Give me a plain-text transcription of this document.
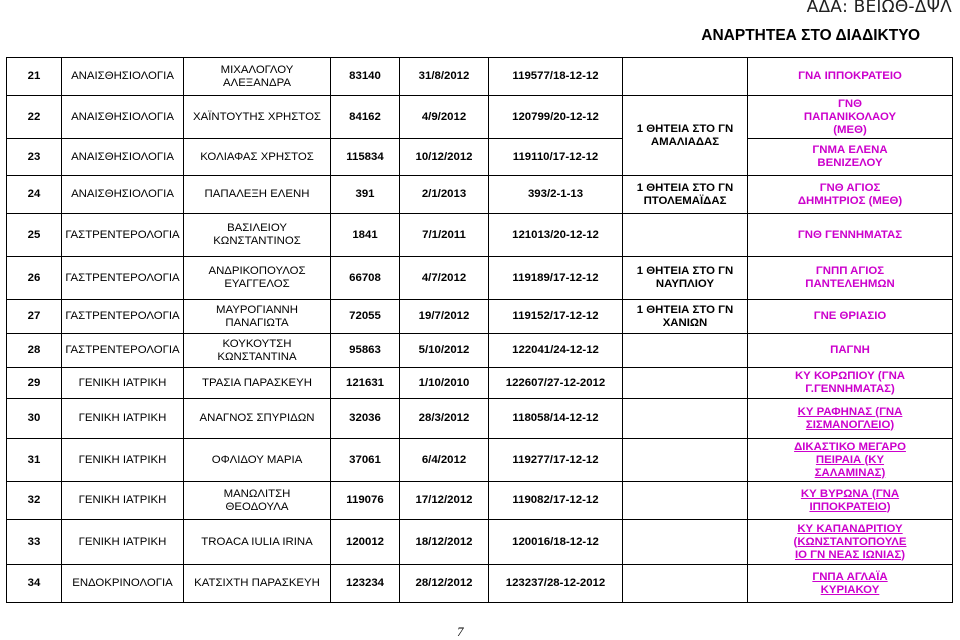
ΑΔΑ: ΒΕΙΩΘ-ΔΨΛ
ΑΝΑΡΤΗΤΕΑ ΣΤΟ ΔΙΑΔΙΚΤΥΟ
21	ΑΝΑΙΣΘΗΣΙΟΛΟΓΙΑ	ΜΙΧΑΛΟΓΛΟΥ
ΑΛΕΞΑΝΔΡΑ	83140	31/8/2012	119577/18-12-12		ΓΝΑ ΙΠΠΟΚΡΑΤΕΙΟ
22	ΑΝΑΙΣΘΗΣΙΟΛΟΓΙΑ	ΧΑΪΝΤΟΥΤΗΣ ΧΡΗΣΤΟΣ	84162	4/9/2012	120799/20-12-12	1 ΘΗΤΕΙΑ ΣΤΟ ΓΝ
ΑΜΑΛΙΑΔΑΣ	ΓΝΘ
ΠΑΠΑΝΙΚΟΛΑΟΥ
(ΜΕΘ)
23	ΑΝΑΙΣΘΗΣΙΟΛΟΓΙΑ	ΚΟΛΙΑΦΑΣ ΧΡΗΣΤΟΣ	115834	10/12/2012	119110/17-12-12		ΓΝΜΑ ΕΛΕΝΑ
ΒΕΝΙΖΕΛΟΥ
24	ΑΝΑΙΣΘΗΣΙΟΛΟΓΙΑ	ΠΑΠΑΛΕΞΗ ΕΛΕΝΗ	391	2/1/2013	393/2-1-13	1 ΘΗΤΕΙΑ ΣΤΟ ΓΝ
ΠΤΟΛΕΜΑΪΔΑΣ	ΓΝΘ ΑΓΙΟΣ
ΔΗΜΗΤΡΙΟΣ (ΜΕΘ)
25	ΓΑΣΤΡΕΝΤΕΡΟΛΟΓΙΑ	ΒΑΣΙΛΕΙΟΥ
ΚΩΝΣΤΑΝΤΙΝΟΣ	1841	7/1/2011	121013/20-12-12		ΓΝΘ ΓΕΝΝΗΜΑΤΑΣ
26	ΓΑΣΤΡΕΝΤΕΡΟΛΟΓΙΑ	ΑΝΔΡΙΚΟΠΟΥΛΟΣ
ΕΥΑΓΓΕΛΟΣ	66708	4/7/2012	119189/17-12-12	1 ΘΗΤΕΙΑ ΣΤΟ ΓΝ
ΝΑΥΠΛΙΟΥ	ΓΝΠΠ ΑΓΙΟΣ
ΠΑΝΤΕΛΕΗΜΩΝ
27	ΓΑΣΤΡΕΝΤΕΡΟΛΟΓΙΑ	ΜΑΥΡΟΓΙΑΝΝΗ
ΠΑΝΑΓΙΩΤΑ	72055	19/7/2012	119152/17-12-12	1 ΘΗΤΕΙΑ ΣΤΟ ΓΝ
ΧΑΝΙΩΝ	ΓΝΕ ΘΡΙΑΣΙΟ
28	ΓΑΣΤΡΕΝΤΕΡΟΛΟΓΙΑ	ΚΟΥΚΟΥΤΣΗ
ΚΩΝΣΤΑΝΤΙΝΑ	95863	5/10/2012	122041/24-12-12		ΠΑΓΝΗ
29	ΓΕΝΙΚΗ ΙΑΤΡΙΚΗ	ΤΡΑΣΙΑ ΠΑΡΑΣΚΕΥΗ	121631	1/10/2010	122607/27-12-2012		ΚΥ ΚΟΡΩΠΙΟΥ (ΓΝΑ
Γ.ΓΕΝΝΗΜΑΤΑΣ)
30	ΓΕΝΙΚΗ ΙΑΤΡΙΚΗ	ΑΝΑΓΝΟΣ ΣΠΥΡΙΔΩΝ	32036	28/3/2012	118058/14-12-12		ΚΥ ΡΑΦΗΝΑΣ (ΓΝΑ
ΣΙΣΜΑΝΟΓΛΕΙΟ)
31	ΓΕΝΙΚΗ ΙΑΤΡΙΚΗ	ΟΦΛΙΔΟΥ ΜΑΡΙΑ	37061	6/4/2012	119277/17-12-12		ΔΙΚΑΣΤΙΚΟ ΜΕΓΑΡΟ
ΠΕΙΡΑΙΑ (ΚΥ
ΣΑΛΑΜΙΝΑΣ)
32	ΓΕΝΙΚΗ ΙΑΤΡΙΚΗ	ΜΑΝΩΛΙΤΣΗ
ΘΕΟΔΟΥΛΑ	119076	17/12/2012	119082/17-12-12		ΚΥ ΒΥΡΩΝΑ (ΓΝΑ
ΙΠΠΟΚΡΑΤΕΙΟ)
33	ΓΕΝΙΚΗ ΙΑΤΡΙΚΗ	TROACA IULIA IRINA	120012	18/12/2012	120016/18-12-12		ΚΥ ΚΑΠΑΝΔΡΙΤΙΟΥ
(ΚΩΝΣΤΑΝΤΟΠΟΥΛΕ
ΙΟ ΓΝ ΝΕΑΣ ΙΩΝΙΑΣ)
34	ΕΝΔΟΚΡΙΝΟΛΟΓΙΑ	ΚΑΤΣΙΧΤΗ ΠΑΡΑΣΚΕΥΗ	123234	28/12/2012	123237/28-12-2012		ΓΝΠΑ ΑΓΛΑΪΑ
ΚΥΡΙΑΚΟΥ
7
